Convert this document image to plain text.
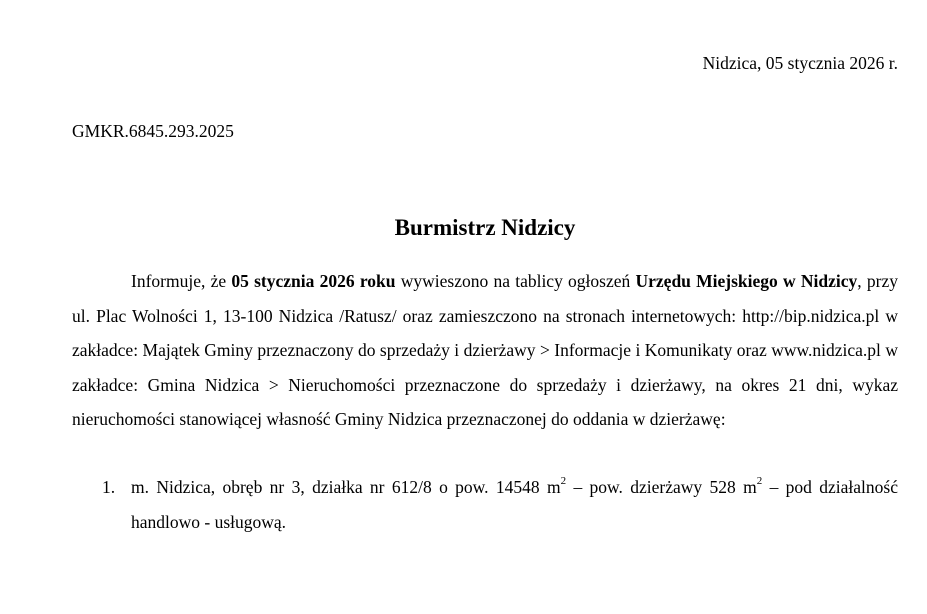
Nidzica, 05 stycznia 2026 r.
GMKR.6845.293.2025
Burmistrz Nidzicy

Informuje, że 05 stycznia 2026 roku wywieszono na tablicy ogłoszeń Urzędu Miejskiego w Nidzicy, przy ul. Plac Wolności 1, 13-100 Nidzica /Ratusz/ oraz zamieszczono na stronach internetowych: http://bip.nidzica.pl w zakładce: Majątek Gminy przeznaczony do sprzedaży i dzierżawy > Informacje i Komunikaty oraz www.nidzica.pl w zakładce: Gmina Nidzica > Nieruchomości przeznaczone do sprzedaży i dzierżawy, na okres 21 dni, wykaz nieruchomości stanowiącej własność Gminy Nidzica przeznaczonej do oddania w dzierżawę:

1. m. Nidzica, obręb nr 3, działka nr 612/8 o pow. 14548 $m^2$ – pow. dzierżawy 528 $m^2$ – pod działalność handlowo - usługową.
